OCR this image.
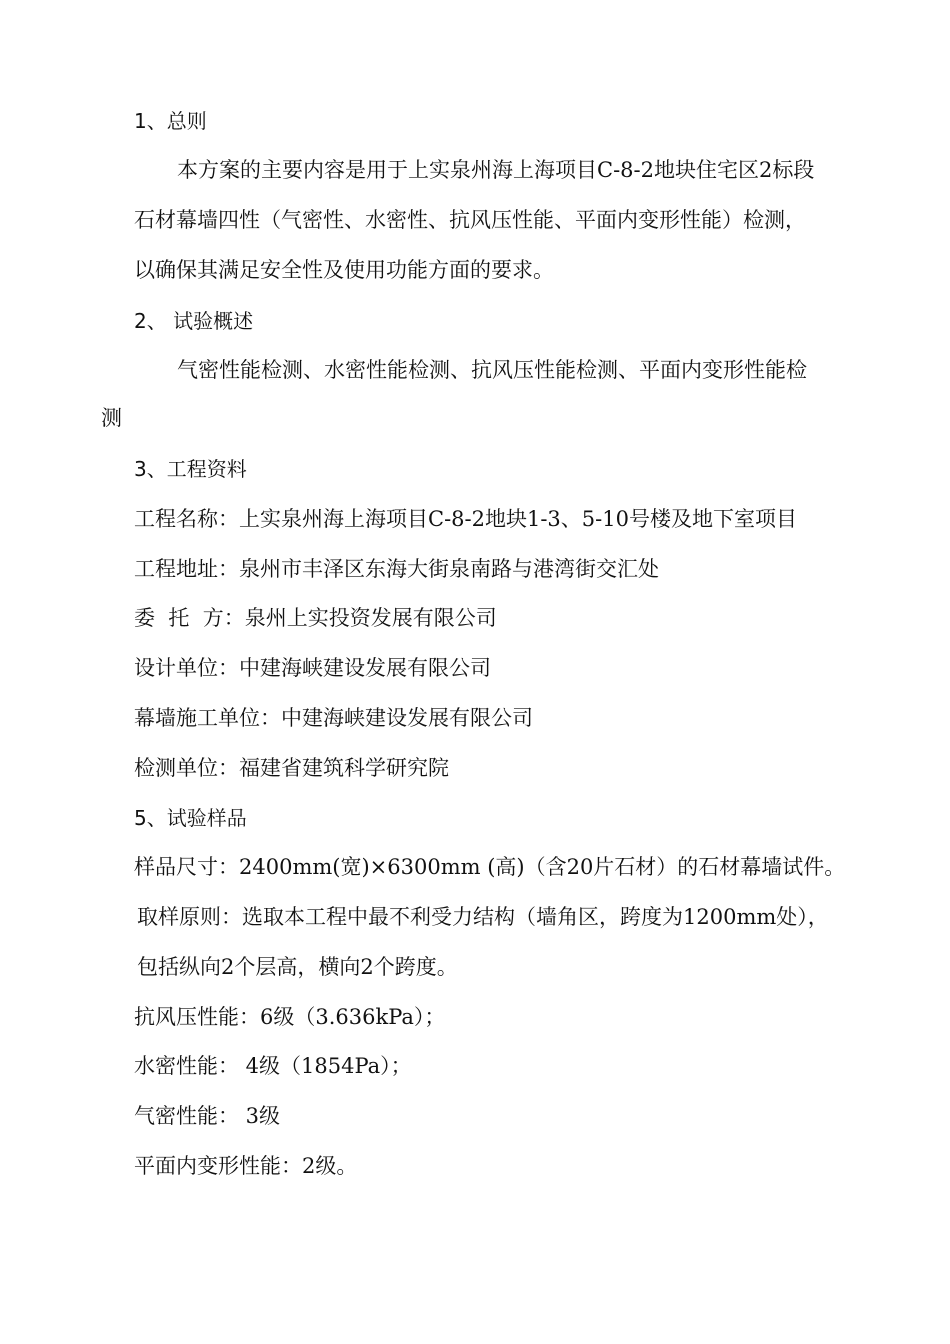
1、总则
本方案的主要内容是用于上实泉州海上海项目C-8-2地块住宅区2标段
石材幕墙四性（气密性、水密性、抗风压性能、平面内变形性能）检测，
以确保其满足安全性及使用功能方面的要求。
2、 试验概述
气密性能检测、水密性能检测、抗风压性能检测、平面内变形性能检
测
3、工程资料
工程名称：上实泉州海上海项目C-8-2地块1-3、5-10号楼及地下室项目
工程地址：泉州市丰泽区东海大街泉南路与港湾街交汇处
委  托  方：泉州上实投资发展有限公司
设计单位：中建海峡建设发展有限公司
幕墙施工单位：中建海峡建设发展有限公司
检测单位：福建省建筑科学研究院
5、试验样品
样品尺寸：2400mm(宽)×6300mm (高)（含20片石材）的石材幕墙试件。
取样原则：选取本工程中最不利受力结构（墙角区，跨度为1200mm处），
包括纵向2个层高，横向2个跨度。
抗风压性能：6级（3.636kPa）；
水密性能： 4级（1854Pa）；
气密性能： 3级
平面内变形性能：2级。
